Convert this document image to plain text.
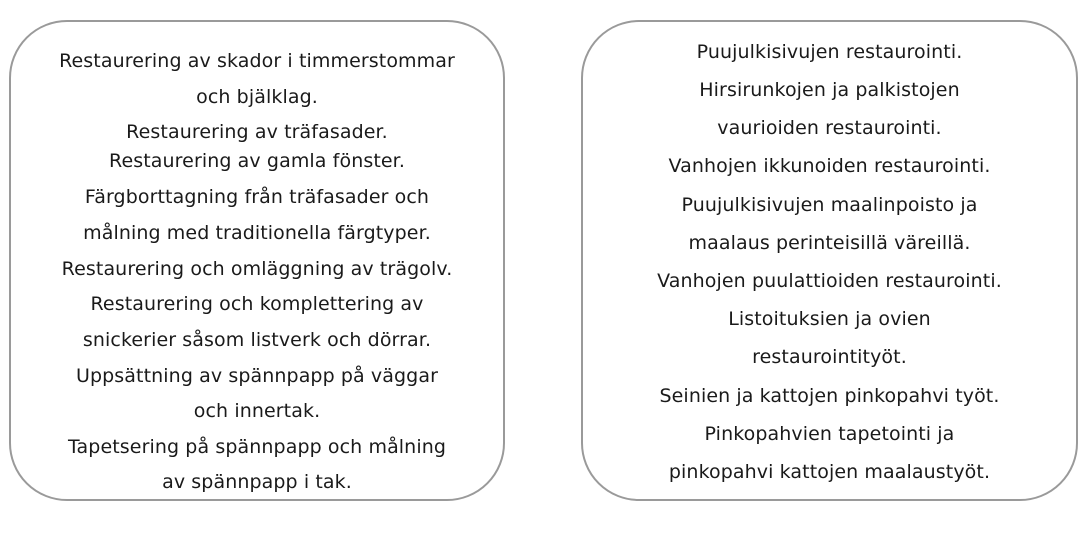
Restaurering av skador i timmerstommar
och bjälklag.
Restaurering av träfasader.
Restaurering av gamla fönster.
Färgborttagning från träfasader och
målning med traditionella färgtyper.
Restaurering och omläggning av trägolv.
Restaurering och komplettering av
snickerier såsom listverk och dörrar.
Uppsättning av spännpapp på väggar
och innertak.
Tapetsering på spännpapp och målning
av spännpapp i tak.
Puujulkisivujen restaurointi.
Hirsirunkojen ja palkistojen
vaurioiden restaurointi.
Vanhojen ikkunoiden restaurointi.
Puujulkisivujen maalinpoisto ja
maalaus perinteisillä väreillä.
Vanhojen puulattioiden restaurointi.
Listoituksien ja ovien
restaurointityöt.
Seinien ja kattojen pinkopahvi työt.
Pinkopahvien tapetointi ja
pinkopahvi kattojen maalaustyöt.
